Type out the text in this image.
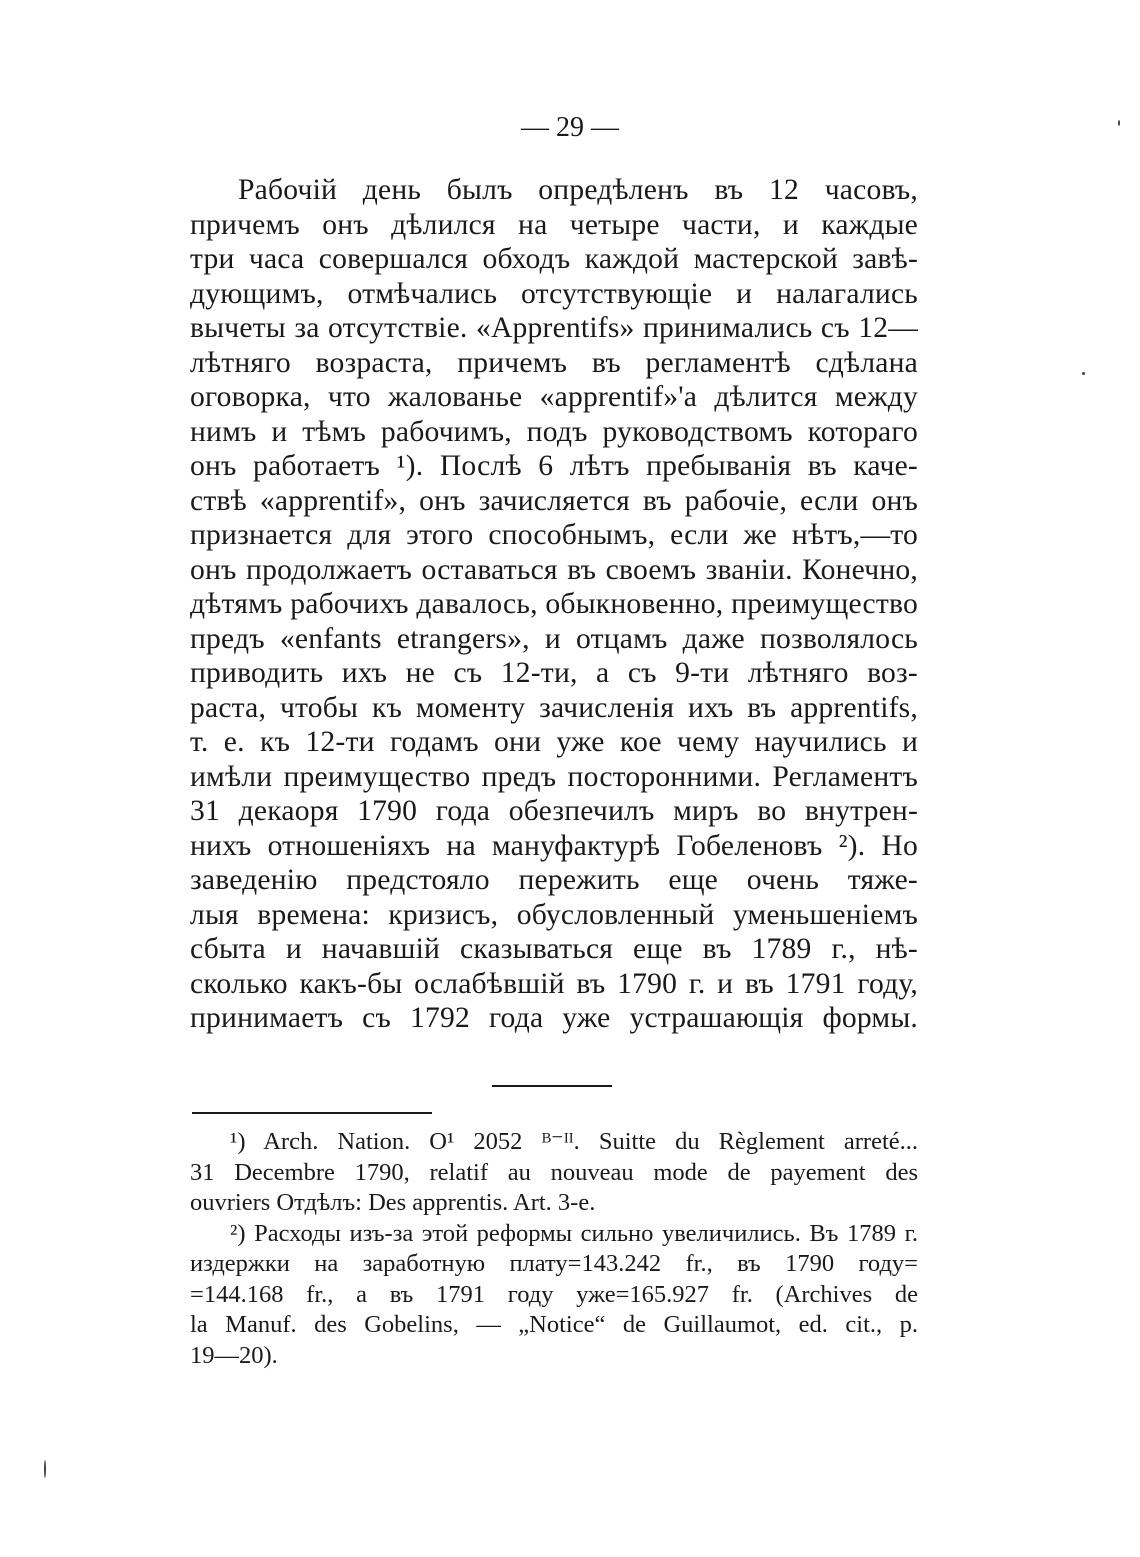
— 29 —
Рабочій день былъ опредѣленъ въ 12 часовъ,
причемъ онъ дѣлился на четыре части, и каждые
три часа совершался обходъ каждой мастерской завѣ-
дующимъ, отмѣчались отсутствующіе и налагались
вычеты за отсутствіе. «Apprentifs» принимались съ 12—
лѣтняго возраста, причемъ въ регламентѣ сдѣлана
оговорка, что жалованье «apprentif»'а дѣлится между
нимъ и тѣмъ рабочимъ, подъ руководствомъ котораго
онъ работаетъ ¹). Послѣ 6 лѣтъ пребыванія въ каче-
ствѣ «apprentif», онъ зачисляется въ рабочіе, если онъ
признается для этого способнымъ, если же нѣтъ,—то
онъ продолжаетъ оставаться въ своемъ званіи. Конечно,
дѣтямъ рабочихъ давалось, обыкновенно, преимущество
предъ «enfants etrangers», и отцамъ даже позволялось
приводить ихъ не съ 12-ти, а съ 9-ти лѣтняго воз-
раста, чтобы къ моменту зачисленія ихъ въ apprentifs,
т. е. къ 12-ти годамъ они уже кое чему научились и
имѣли преимущество предъ посторонними. Регламентъ
31 декаоря 1790 года обезпечилъ миръ во внутрен-
нихъ отношеніяхъ на мануфактурѣ Гобеленовъ ²). Но
заведенію предстояло пережить еще очень тяже-
лыя времена: кризисъ, обусловленный уменьшеніемъ
сбыта и начавшій сказываться еще въ 1789 г., нѣ-
сколько какъ-бы ослабѣвшій въ 1790 г. и въ 1791 году,
принимаетъ съ 1792 года уже устрашающія формы.
¹) Arch. Nation. O¹ 2052 ᴮ⁻ᴵᴵ. Suitte du Règlement arreté...
31 Decembre 1790, relatif au nouveau mode de payement des
ouvriers Отдѣлъ: Des apprentis. Art. 3-e.
²) Расходы изъ-за этой реформы сильно увеличились. Въ 1789 г.
издержки на заработную плату=143.242 fr., въ 1790 году=
=144.168 fr., а въ 1791 году уже=165.927 fr. (Archives de
la Manuf. des Gobelins, — „Notice“ de Guillaumot, ed. cit., p.
19—20).
